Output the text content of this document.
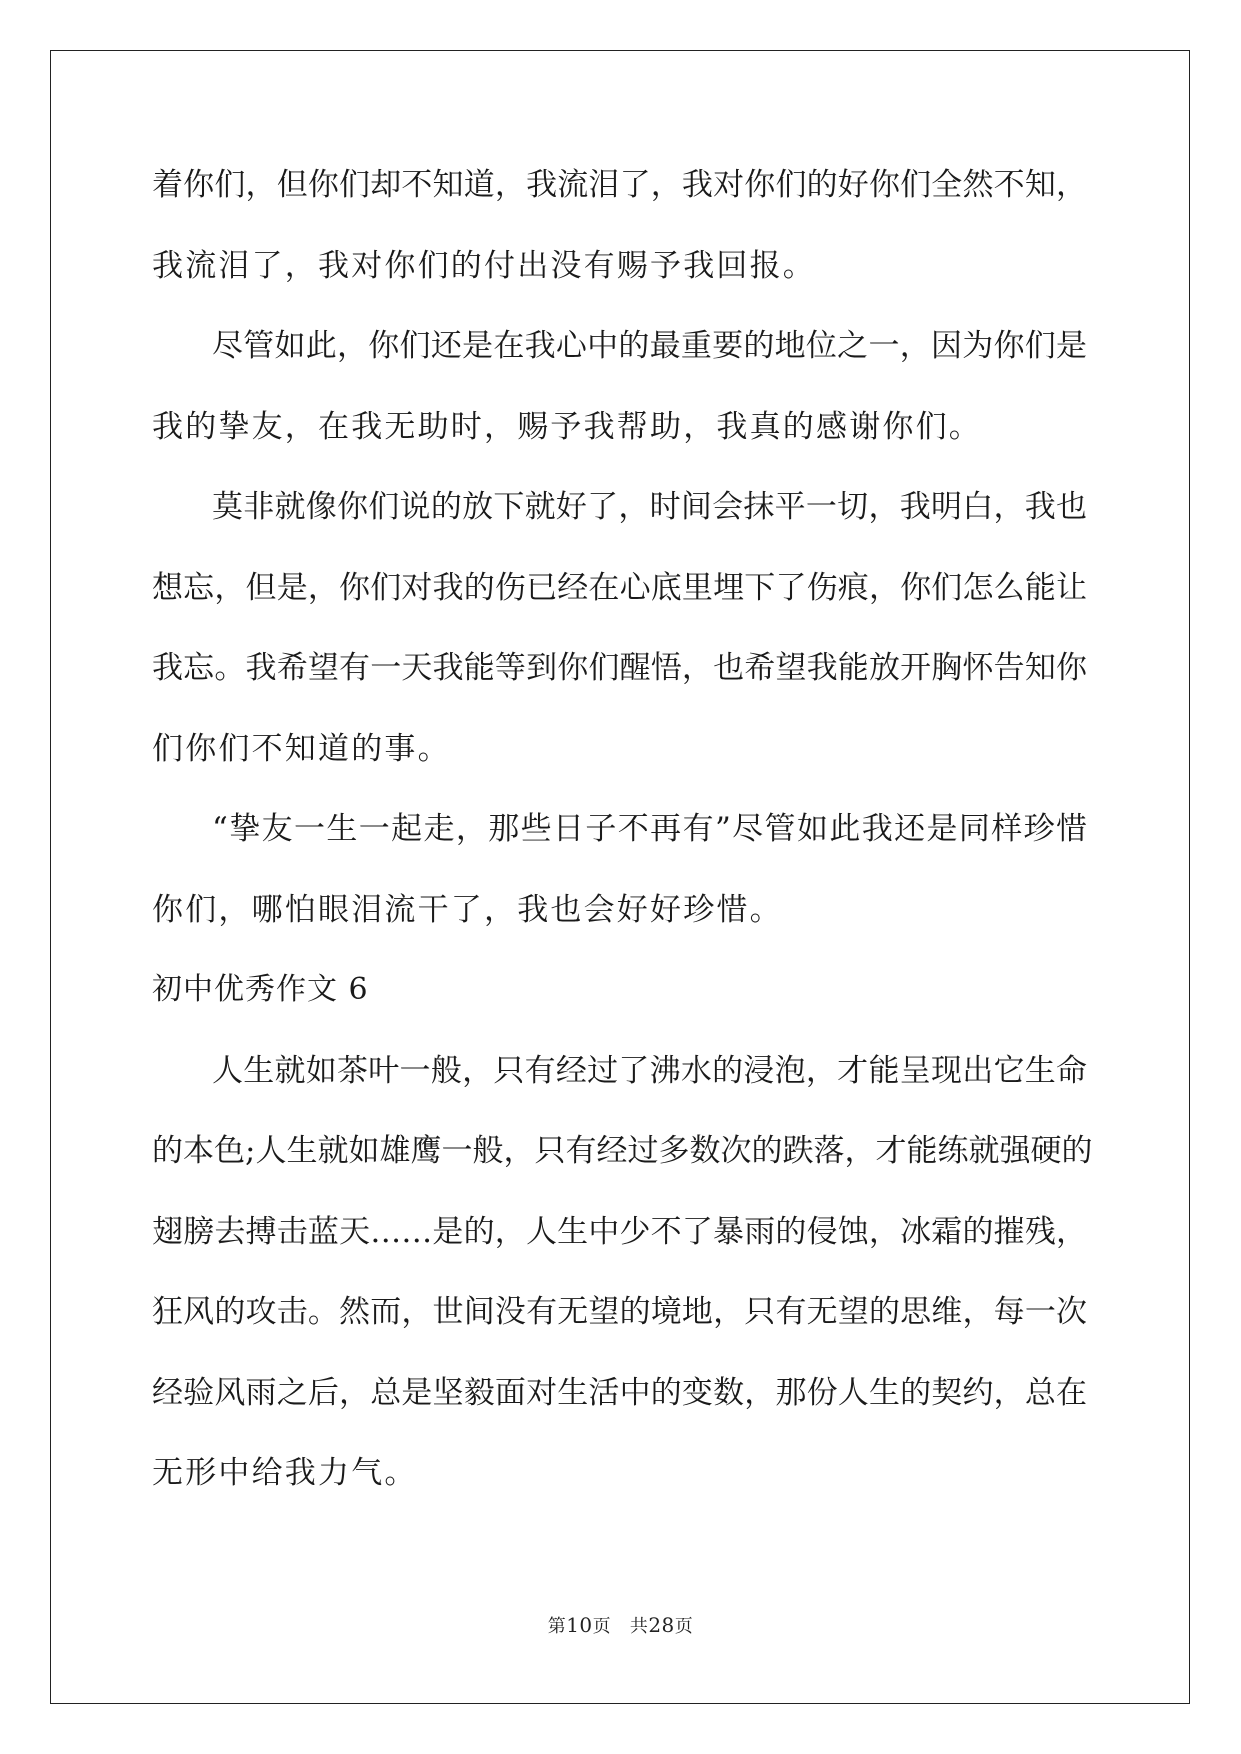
着你们，但你们却不知道，我流泪了，我对你们的好你们全然不知，
我流泪了，我对你们的付出没有赐予我回报。
尽管如此，你们还是在我心中的最重要的地位之一，因为你们是
我的挚友，在我无助时，赐予我帮助，我真的感谢你们。
莫非就像你们说的放下就好了，时间会抹平一切，我明白，我也
想忘，但是，你们对我的伤已经在心底里埋下了伤痕，你们怎么能让
我忘。我希望有一天我能等到你们醒悟，也希望我能放开胸怀告知你
们你们不知道的事。
“挚友一生一起走，那些日子不再有”尽管如此我还是同样珍惜
你们，哪怕眼泪流干了，我也会好好珍惜。
初中优秀作文 6
人生就如茶叶一般，只有经过了沸水的浸泡，才能呈现出它生命
的本色;人生就如雄鹰一般，只有经过多数次的跌落，才能练就强硬的
翅膀去搏击蓝天……是的，人生中少不了暴雨的侵蚀，冰霜的摧残，
狂风的攻击。然而，世间没有无望的境地，只有无望的思维，每一次
经验风雨之后，总是坚毅面对生活中的变数，那份人生的契约，总在
无形中给我力气。
第10页 共28页
